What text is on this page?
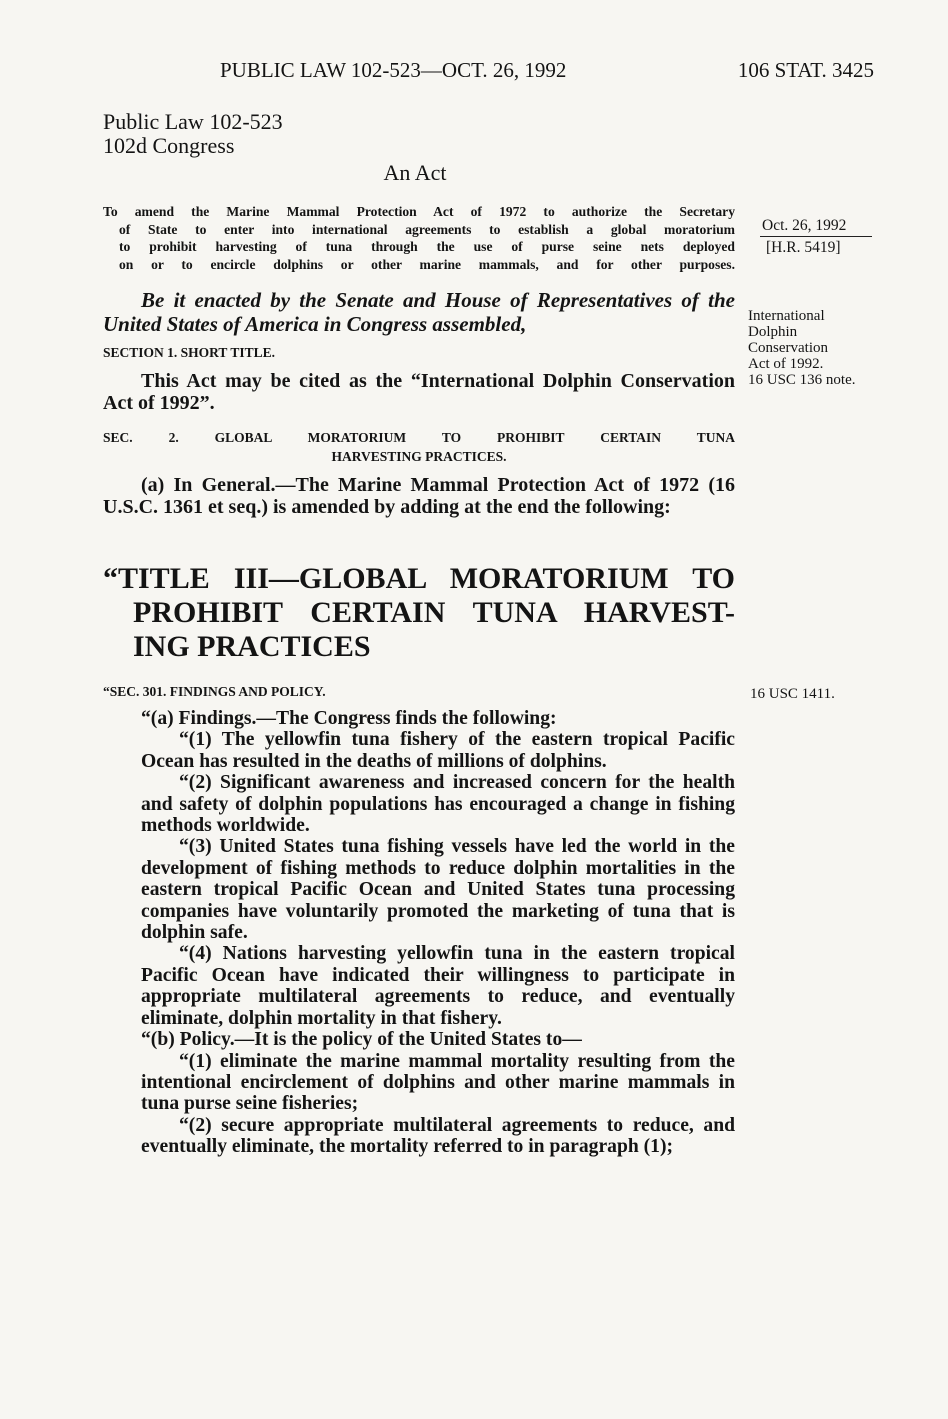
PUBLIC LAW 102-523—OCT. 26, 1992	106 STAT. 3425
Public Law 102-523
102d Congress
An Act
To amend the Marine Mammal Protection Act of 1972 to authorize the Secretary
of State to enter into international agreements to establish a global moratorium
to prohibit harvesting of tuna through the use of purse seine nets deployed
on or to encircle dolphins or other marine mammals, and for other purposes.
Be it enacted by the Senate and House of Representatives of the United States of America in Congress assembled,
SECTION 1. SHORT TITLE.
This Act may be cited as the “International Dolphin Conservation Act of 1992”.
SEC. 2. GLOBAL MORATORIUM TO PROHIBIT CERTAIN TUNA
HARVESTING PRACTICES.
(a) In General.—The Marine Mammal Protection Act of 1972 (16 U.S.C. 1361 et seq.) is amended by adding at the end the following:
“TITLE III—GLOBAL MORATORIUM TO
PROHIBIT CERTAIN TUNA HARVEST-
ING PRACTICES
“SEC. 301. FINDINGS AND POLICY.
“(a) Findings.—The Congress finds the following:
“(1) The yellowfin tuna fishery of the eastern tropical Pacific Ocean has resulted in the deaths of millions of dolphins.
“(2) Significant awareness and increased concern for the health and safety of dolphin populations has encouraged a change in fishing methods worldwide.
“(3) United States tuna fishing vessels have led the world in the development of fishing methods to reduce dolphin mortalities in the eastern tropical Pacific Ocean and United States tuna processing companies have voluntarily promoted the marketing of tuna that is dolphin safe.
“(4) Nations harvesting yellowfin tuna in the eastern tropical Pacific Ocean have indicated their willingness to participate in appropriate multilateral agreements to reduce, and eventually eliminate, dolphin mortality in that fishery.
“(b) Policy.—It is the policy of the United States to—
“(1) eliminate the marine mammal mortality resulting from the intentional encirclement of dolphins and other marine mammals in tuna purse seine fisheries;
“(2) secure appropriate multilateral agreements to reduce, and eventually eliminate, the mortality referred to in paragraph (1);
Oct. 26, 1992
[H.R. 5419]
International
Dolphin
Conservation
Act of 1992.
16 USC 136 note.
16 USC 1411.
